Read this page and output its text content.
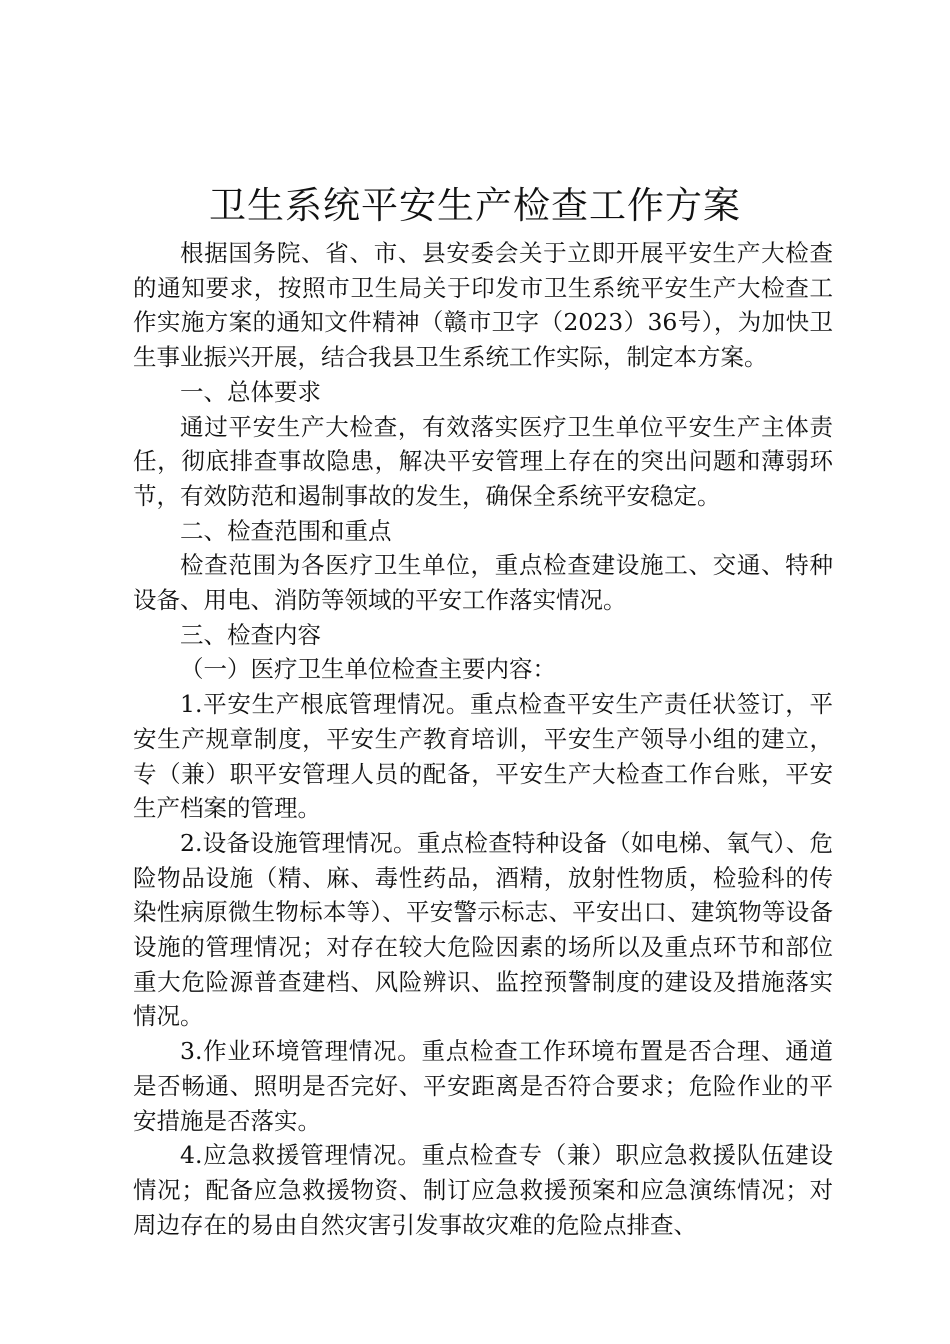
卫生系统平安生产检查工作方案

根据国务院、省、市、县安委会关于立即开展平安生产大检查的通知要求，按照市卫生局关于印发市卫生系统平安生产大检查工作实施方案的通知文件精神（赣市卫字（2023）36号），为加快卫生事业振兴开展，结合我县卫生系统工作实际，制定本方案。

一、总体要求

通过平安生产大检查，有效落实医疗卫生单位平安生产主体责任，彻底排查事故隐患，解决平安管理上存在的突出问题和薄弱环节，有效防范和遏制事故的发生，确保全系统平安稳定。

二、检查范围和重点

检查范围为各医疗卫生单位，重点检查建设施工、交通、特种设备、用电、消防等领域的平安工作落实情况。

三、检查内容

（一）医疗卫生单位检查主要内容：

1.平安生产根底管理情况。重点检查平安生产责任状签订，平安生产规章制度，平安生产教育培训，平安生产领导小组的建立，专（兼）职平安管理人员的配备，平安生产大检查工作台账，平安生产档案的管理。

2.设备设施管理情况。重点检查特种设备（如电梯、氧气）、危险物品设施（精、麻、毒性药品，酒精，放射性物质，检验科的传染性病原微生物标本等）、平安警示标志、平安出口、建筑物等设备设施的管理情况；对存在较大危险因素的场所以及重点环节和部位重大危险源普查建档、风险辨识、监控预警制度的建设及措施落实情况。

3.作业环境管理情况。重点检查工作环境布置是否合理、通道是否畅通、照明是否完好、平安距离是否符合要求；危险作业的平安措施是否落实。

4.应急救援管理情况。重点检查专（兼）职应急救援队伍建设情况；配备应急救援物资、制订应急救援预案和应急演练情况；对周边存在的易由自然灾害引发事故灾难的危险点排查、
